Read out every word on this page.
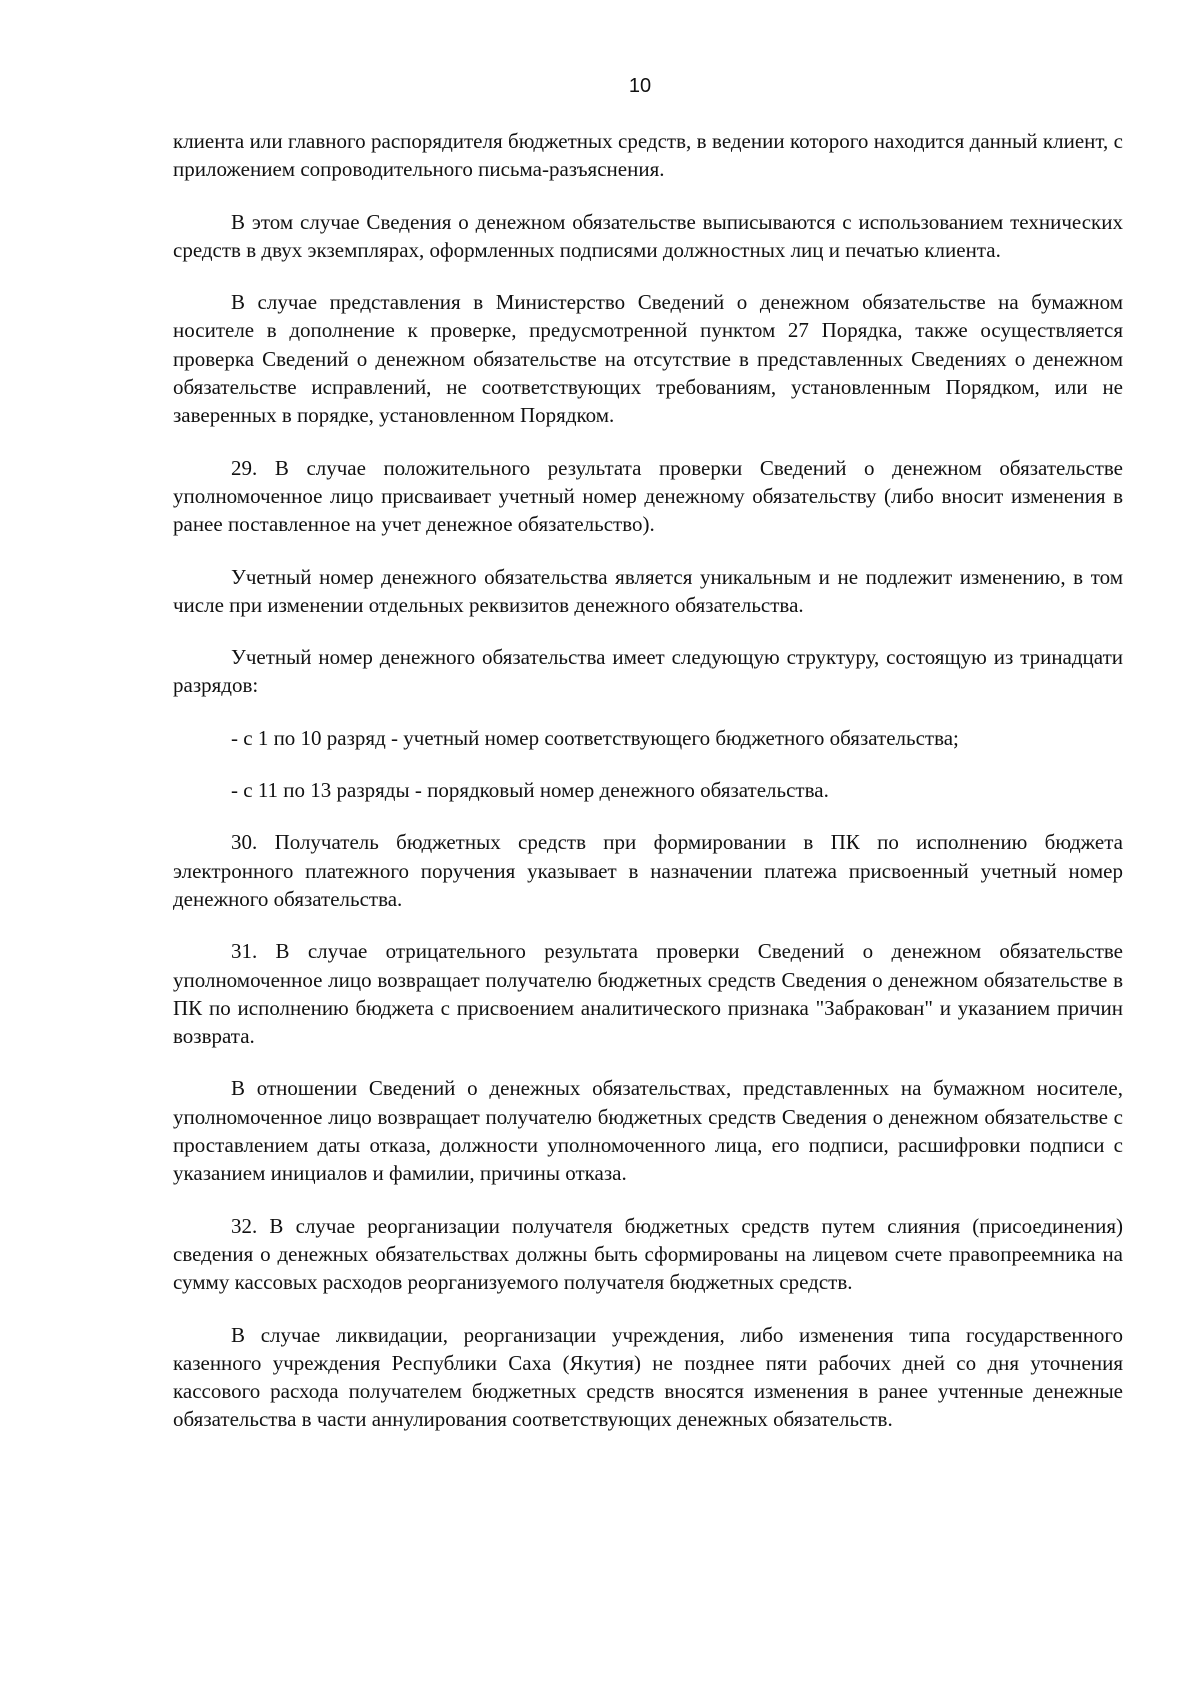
10

клиента или главного распорядителя бюджетных средств, в ведении которого находится данный клиент, с приложением сопроводительного письма-разъяснения.

В этом случае Сведения о денежном обязательстве выписываются с использованием технических средств в двух экземплярах, оформленных подписями должностных лиц и печатью клиента.

В случае представления в Министерство Сведений о денежном обязательстве на бумажном носителе в дополнение к проверке, предусмотренной пунктом 27 Порядка, также осуществляется проверка Сведений о денежном обязательстве на отсутствие в представленных Сведениях о денежном обязательстве исправлений, не соответствующих требованиям, установленным Порядком, или не заверенных в порядке, установленном Порядком.

29. В случае положительного результата проверки Сведений о денежном обязательстве уполномоченное лицо присваивает учетный номер денежному обязательству (либо вносит изменения в ранее поставленное на учет денежное обязательство).

Учетный номер денежного обязательства является уникальным и не подлежит изменению, в том числе при изменении отдельных реквизитов денежного обязательства.

Учетный номер денежного обязательства имеет следующую структуру, состоящую из тринадцати разрядов:

- с 1 по 10 разряд - учетный номер соответствующего бюджетного обязательства;

- с 11 по 13 разряды - порядковый номер денежного обязательства.

30. Получатель бюджетных средств при формировании в ПК по исполнению бюджета электронного платежного поручения указывает в назначении платежа присвоенный учетный номер денежного обязательства.

31. В случае отрицательного результата проверки Сведений о денежном обязательстве уполномоченное лицо возвращает получателю бюджетных средств Сведения о денежном обязательстве в ПК по исполнению бюджета с присвоением аналитического признака "Забракован" и указанием причин возврата.

В отношении Сведений о денежных обязательствах, представленных на бумажном носителе, уполномоченное лицо возвращает получателю бюджетных средств Сведения о денежном обязательстве с проставлением даты отказа, должности уполномоченного лица, его подписи, расшифровки подписи с указанием инициалов и фамилии, причины отказа.

32. В случае реорганизации получателя бюджетных средств путем слияния (присоединения) сведения о денежных обязательствах должны быть сформированы на лицевом счете правопреемника на сумму кассовых расходов реорганизуемого получателя бюджетных средств.

В случае ликвидации, реорганизации учреждения, либо изменения типа государственного казенного учреждения Республики Саха (Якутия) не позднее пяти рабочих дней со дня уточнения кассового расхода получателем бюджетных средств вносятся изменения в ранее учтенные денежные обязательства в части аннулирования соответствующих денежных обязательств.
